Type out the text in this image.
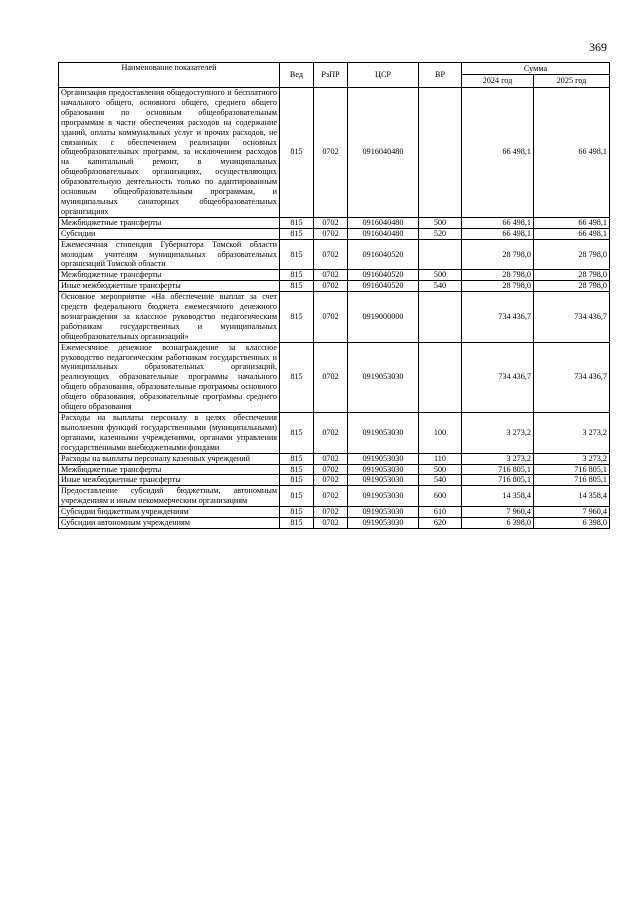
369
Наименование показателей	Вед	РзПР	ЦСР	ВР	Сумма	
					2024 год	2025 год
Организация предоставления общедоступного и бесплатного начального общего, основного общего, среднего общего образования по основным общеобразовательным программам в части обеспечения расходов на содержание зданий, оплаты коммунальных услуг и прочих расходов, не связанных с обеспечением реализации основных общеобразовательных программ, за исключением расходов на капитальный ремонт, в муниципальных общеобразовательных организациях, осуществляющих образовательную деятельность только по адаптированным основным общеобразовательным программам, и муниципальных санаторных общеобразовательных организациях	815	0702	0916040480		66 498,1	66 498,1
Межбюджетные трансферты	815	0702	0916040480	500	66 498,1	66 498,1
Субсидии	815	0702	0916040480	520	66 498,1	66 498,1
Ежемесячная стипендия Губернатора Томской области молодым учителям муниципальных образовательных организаций Томской области	815	0702	0916040520		28 798,0	28 798,0
Межбюджетные трансферты	815	0702	0916040520	500	28 798,0	28 798,0
Иные межбюджетные трансферты	815	0702	0916040520	540	28 798,0	28 798,0
Основное мероприятие «На обеспечение выплат за счет средств федерального бюджета ежемесячного денежного вознаграждения за классное руководство педагогическим работникам государственных и муниципальных общеобразовательных организаций»	815	0702	0919000000		734 436,7	734 436,7
Ежемесячное денежное вознаграждение за классное руководство педагогическим работникам государственных и муниципальных образовательных организаций, реализующих образовательные программы начального общего образования, образовательные программы основного общего образования, образовательные программы среднего общего образования	815	0702	0919053030		734 436,7	734 436,7
Расходы на выплаты персоналу в целях обеспечения выполнения функций государственными (муниципальными) органами, казенными учреждениями, органами управления государственными внебюджетными фондами	815	0702	0919053030	100	3 273,2	3 273,2
Расходы на выплаты персоналу казенных учреждений	815	0702	0919053030	110	3 273,2	3 273,2
Межбюджетные трансферты	815	0702	0919053030	500	716 805,1	716 805,1
Иные межбюджетные трансферты	815	0702	0919053030	540	716 805,1	716 805,1
Предоставление субсидий бюджетным, автономным учреждениям и иным некоммерческим организациям	815	0702	0919053030	600	14 358,4	14 358,4
Субсидии бюджетным учреждениям	815	0702	0919053030	610	7 960,4	7 960,4
Субсидии автономным учреждениям	815	0702	0919053030	620	6 398,0	6 398,0
